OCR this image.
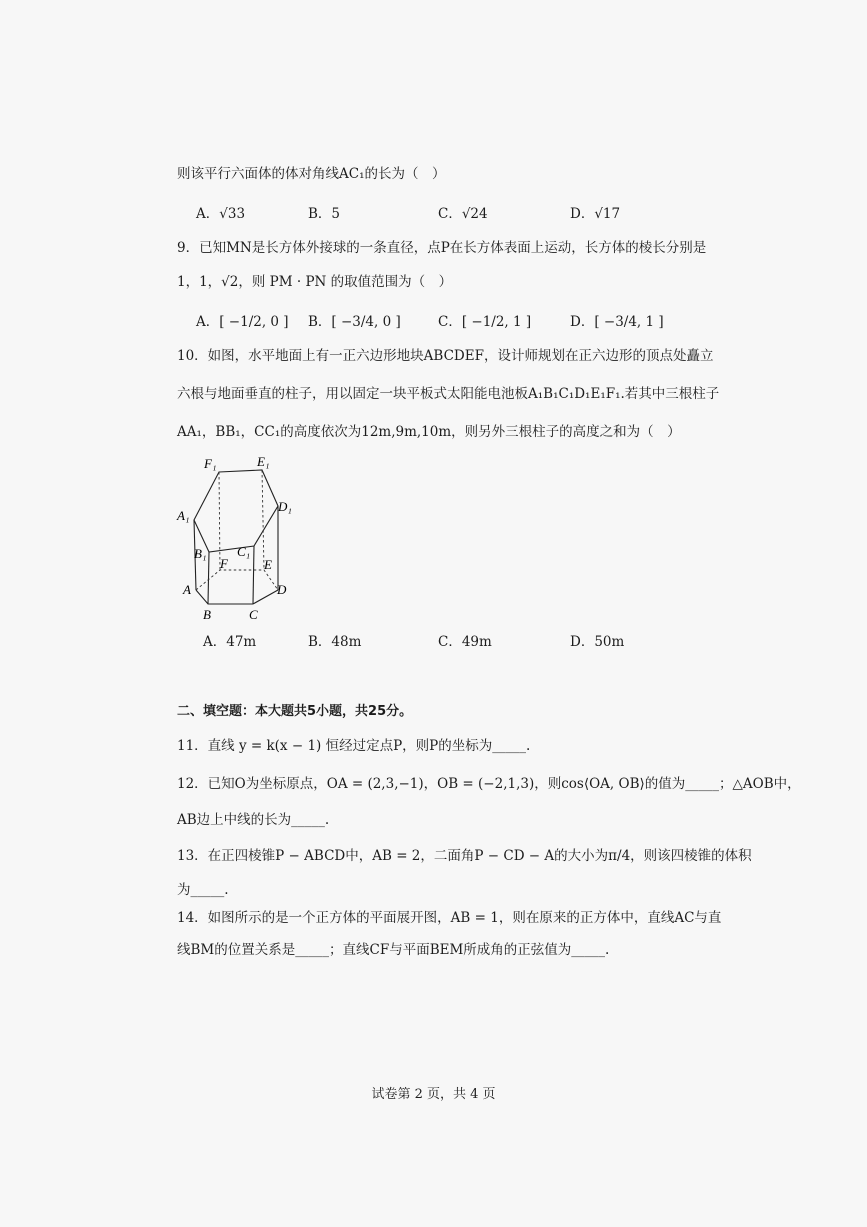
则该平行六面体的体对角线AC₁的长为（　）
A．√33	B．5	C．√24	D．√17
9．已知MN是长方体外接球的一条直径，点P在长方体表面上运动，长方体的棱长分别是
1，1，√2，则 PM · PN 的取值范围为（　）
A．[ −1/2, 0 ] B．[ −3/4, 0 ]	C．[ −1/2, 1 ]	D．[ −3/4, 1 ]
10．如图，水平地面上有一正六边形地块ABCDEF，设计师规划在正六边形的顶点处矗立
六根与地面垂直的柱子，用以固定一块平板式太阳能电池板A₁B₁C₁D₁E₁F₁.若其中三根柱子
AA₁，BB₁，CC₁的高度依次为12m,9m,10m，则另外三根柱子的高度之和为（　）
F₁	E₁
A₁
D₁
B₁ C₁
F	E
A	D
B	C
A．47m	B．48m	C．49m	D．50m
二、填空题：本大题共5小题，共25分。
11．直线 y = k(x − 1) 恒经过定点P，则P的坐标为_____.
12．已知O为坐标原点，OA = (2,3,−1)，OB = (−2,1,3)，则cos⟨OA, OB⟩的值为_____；△AOB中，
AB边上中线的长为_____.
13．在正四棱锥P − ABCD中，AB = 2，二面角P − CD − A的大小为π/4，则该四棱锥的体积
为_____.
14．如图所示的是一个正方体的平面展开图，AB = 1，则在原来的正方体中，直线AC与直
线BM的位置关系是_____；直线CF与平面BEM所成角的正弦值为_____.
试卷第 2 页，共 4 页
